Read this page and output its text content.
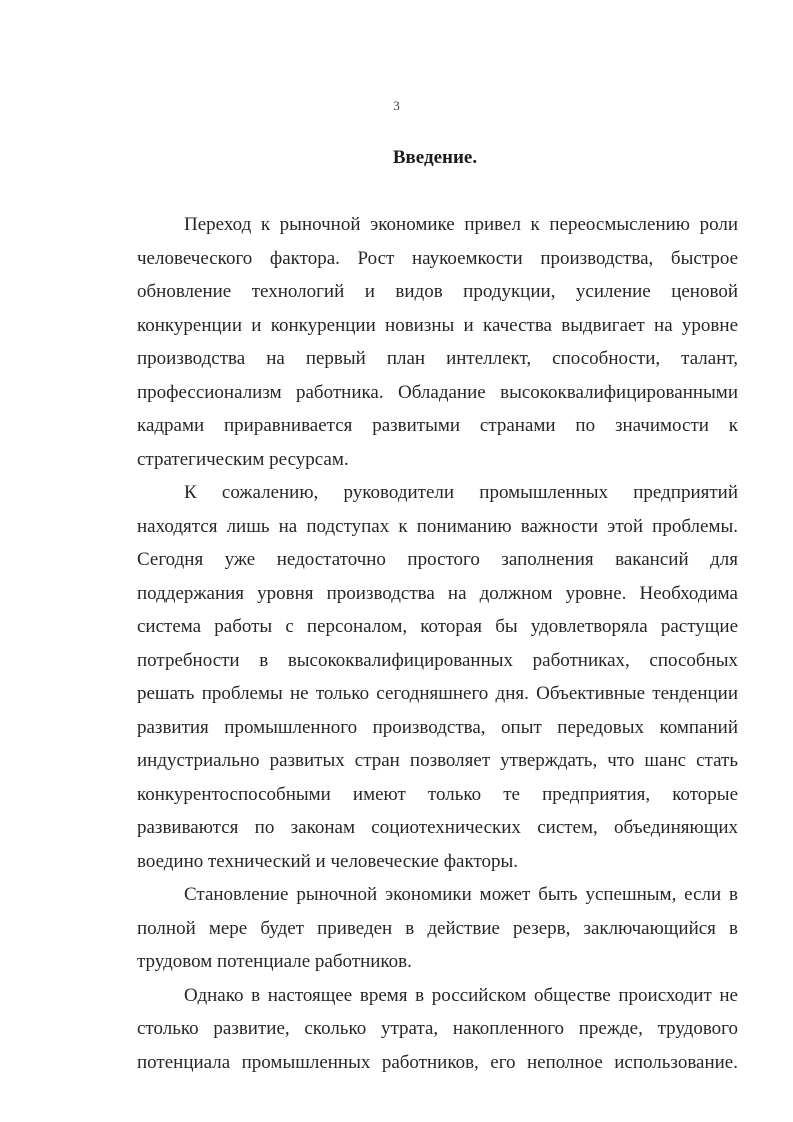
3
Введение.

Переход к рыночной экономике привел к переосмыслению роли человеческого фактора. Рост наукоемкости производства, быстрое обновление технологий и видов продукции, усиление ценовой конкуренции и конкуренции новизны и качества выдвигает на уровне производства на первый план интеллект, способности, талант, профессионализм работника. Обладание высококвалифицированными кадрами приравнивается развитыми странами по значимости к стратегическим ресурсам.

К сожалению, руководители промышленных предприятий находятся лишь на подступах к пониманию важности этой проблемы. Сегодня уже недостаточно простого заполнения вакансий для поддержания уровня производства на должном уровне. Необходима система работы с персоналом, которая бы удовлетворяла растущие потребности в высококвалифицированных работниках, способных решать проблемы не только сегодняшнего дня. Объективные тенденции развития промышленного производства, опыт передовых компаний индустриально развитых стран позволяет утверждать, что шанс стать конкурентоспособными имеют только те предприятия, которые развиваются по законам социотехнических систем, объединяющих воедино технический и человеческие факторы.

Становление рыночной экономики может быть успешным, если в полной мере будет приведен в действие резерв, заключающийся в трудовом потенциале работников.

Однако в настоящее время в российском обществе происходит не столько развитие, сколько утрата, накопленного прежде, трудового потенциала промышленных работников, его неполное использование.
